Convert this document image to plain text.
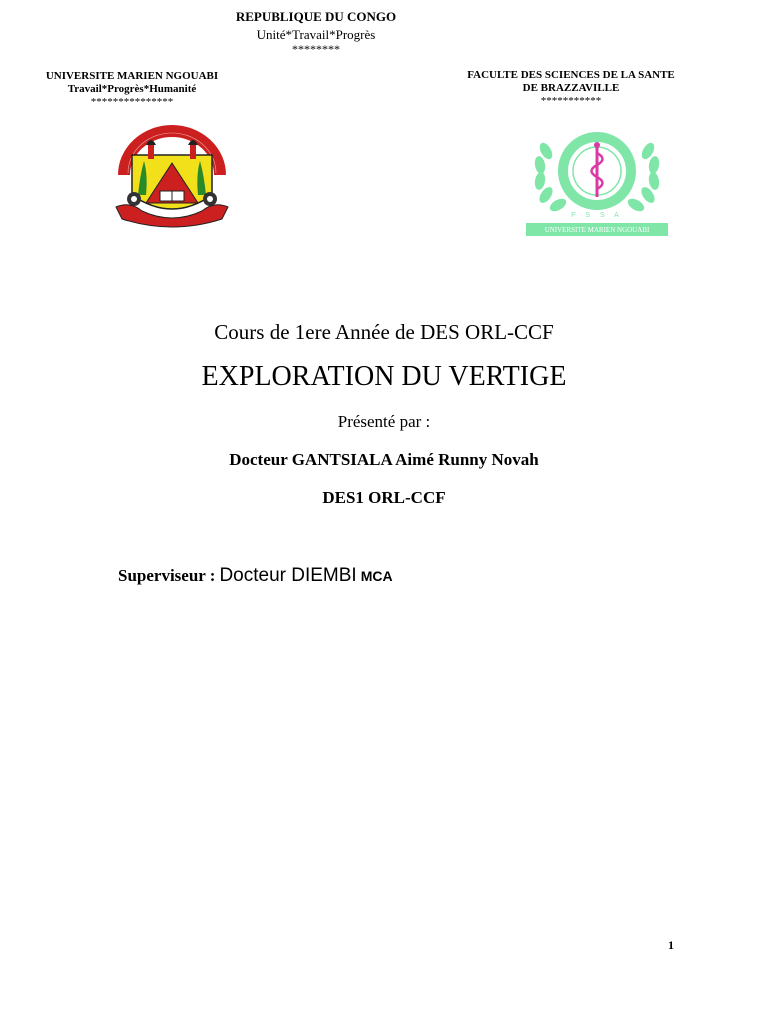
REPUBLIQUE DU CONGO
Unité*Travail*Progrès
********
UNIVERSITE MARIEN NGOUABI
Travail*Progrès*Humanité
***************
FACULTE DES SCIENCES DE LA SANTE
DE BRAZZAVILLE
***********
F S S A
UNIVERSITE MARIEN NGOUABI
Cours de 1ere Année de DES ORL-CCF
EXPLORATION DU VERTIGE
Présenté par :
Docteur GANTSIALA Aimé Runny Novah
DES1 ORL-CCF
Superviseur : Docteur DIEMBI MCA
1
